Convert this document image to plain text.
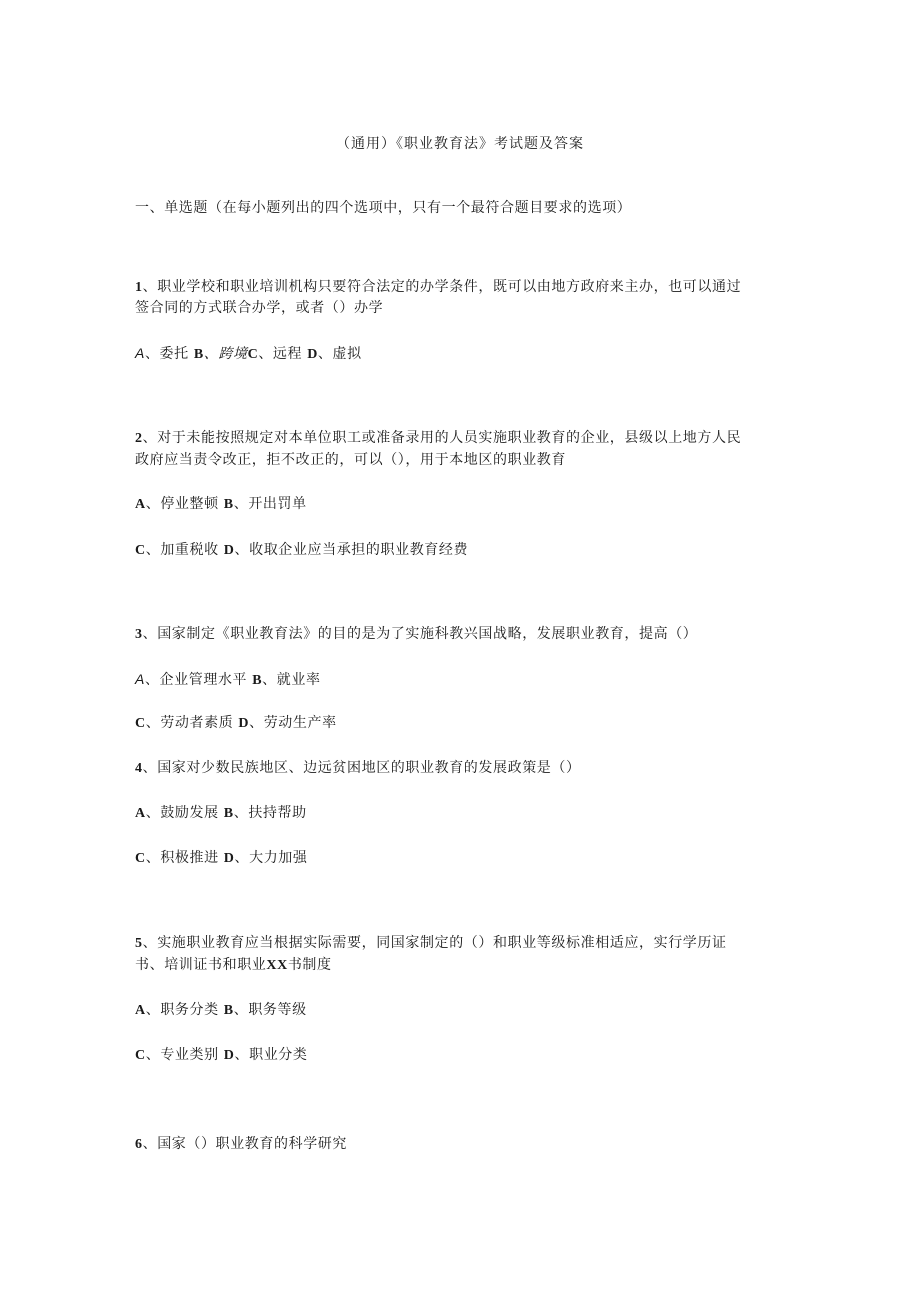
（通用）《职业教育法》考试题及答案
一、单选题（在每小题列出的四个选项中，只有一个最符合题目要求的选项）
1、职业学校和职业培训机构只要符合法定的办学条件，既可以由地方政府来主办，也可以通过
签合同的方式联合办学，或者（）办学
A、委托 B、跨境C、远程 D、虚拟
2、对于未能按照规定对本单位职工或准备录用的人员实施职业教育的企业，县级以上地方人民
政府应当责令改正，拒不改正的，可以（），用于本地区的职业教育
A、停业整顿 B、开出罚单
C、加重税收 D、收取企业应当承担的职业教育经费
3、国家制定《职业教育法》的目的是为了实施科教兴国战略，发展职业教育，提高（）
A、企业管理水平 B、就业率
C、劳动者素质 D、劳动生产率
4、国家对少数民族地区、边远贫困地区的职业教育的发展政策是（）
A、鼓励发展 B、扶持帮助
C、积极推进 D、大力加强
5、实施职业教育应当根据实际需要，同国家制定的（）和职业等级标准相适应，实行学历证
书、培训证书和职业XX书制度
A、职务分类 B、职务等级
C、专业类别 D、职业分类
6、国家（）职业教育的科学研究
